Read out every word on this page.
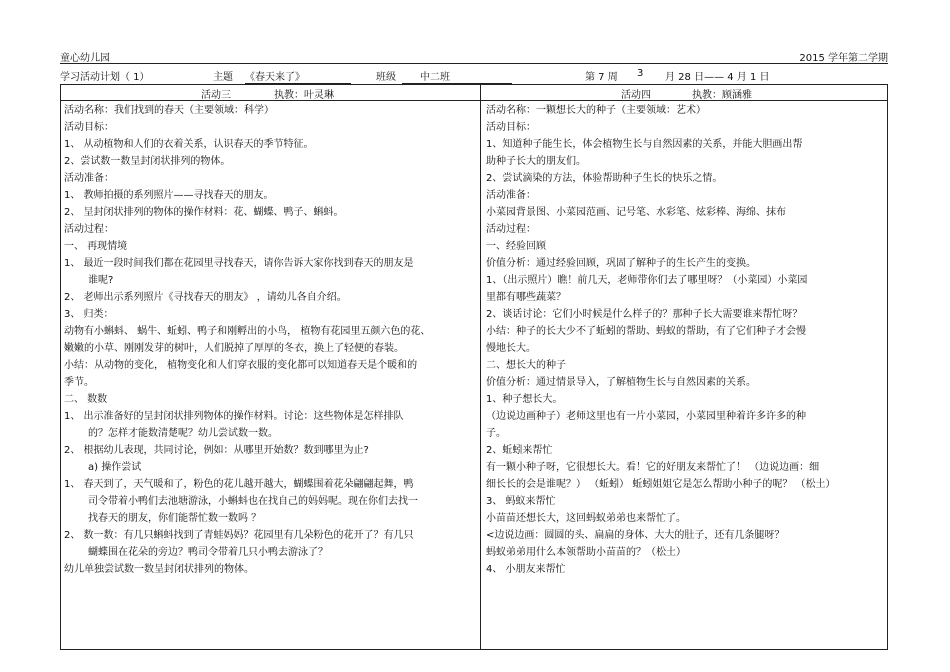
童心幼儿园	2015 学年第二学期
学习活动计划（ 1）	主题 《春天来了》	班级	中二班	第 7 周 3 月 28 日—— 4 月 1 日
活动三	执教：叶灵琳	活动四	执教：顾涵雅
活动名称：我们找到的春天（主要领域：科学）
活动目标：
1、 从动植物和人们的衣着关系，认识春天的季节特征。
2、尝试数一数呈封闭状排列的物体。
活动准备：
1、 教师拍摄的系列照片——寻找春天的朋友。
2、 呈封闭状排列的物体的操作材料：花、蝴蝶、鸭子、蝌蚪。
活动过程：
一、 再现情境
1、 最近一段时间我们都在花园里寻找春天，请你告诉大家你找到春天的朋友是
谁呢?
2、 老师出示系列照片《寻找春天的朋友》 ，请幼儿各自介绍。
3、 归类：
动物有小蝌蚪、 蜗牛、蚯蚓、鸭子和刚孵出的小鸟， 植物有花园里五颜六色的花、
嫩嫩的小草、刚刚发芽的树叶，人们脱掉了厚厚的冬衣，换上了轻便的春装。
小结：从动物的变化， 植物变化和人们穿衣服的变化都可以知道春天是个暖和的
季节。
二、 数数
1、 出示准备好的呈封闭状排列物体的操作材料。讨论：这些物体是怎样排队
的？怎样才能数清楚呢？幼儿尝试数一数。
2、 根据幼儿表现，共同讨论，例如：从哪里开始数？数到哪里为止?
a) 操作尝试
1、 春天到了，天气暖和了，粉色的花儿越开越大，蝴蝶围着花朵翩翩起舞，鸭
司令带着小鸭们去池塘游泳，小蝌蚪也在找自己的妈妈呢。现在你们去找一
找春天的朋友，你们能帮忙数一数吗 ？
2、 数一数：有几只蝌蚪找到了青蛙妈妈？花园里有几朵粉色的花开了？有几只
蝴蝶围在花朵的旁边？鸭司令带着几只小鸭去游泳了？
幼儿单独尝试数一数呈封闭状排列的物体。
活动名称：一颗想长大的种子（主要领域：艺术）
活动目标：
1、知道种子能生长，体会植物生长与自然因素的关系，并能大胆画出帮
助种子长大的朋友们。
2、尝试滴染的方法，体验帮助种子生长的快乐之情。
活动准备：
小菜园背景图、小菜园范画、记号笔、水彩笔、炫彩棒、海绵、抹布
活动过程：
一、经验回顾
价值分析：通过经验回顾，巩固了解种子的生长产生的变换。
1、（出示照片）瞧！前几天，老师带你们去了哪里呀？（小菜园）小菜园
里都有哪些蔬菜？
2、谈话讨论：它们小时候是什么样子的？那种子长大需要谁来帮忙呀？
小结：种子的长大少不了蚯蚓的帮助、蚂蚁的帮助，有了它们种子才会慢
慢地长大。
二、想长大的种子
价值分析：通过情景导入，了解植物生长与自然因素的关系。
1、种子想长大。
（边说边画种子）老师这里也有一片小菜园，小菜园里种着许多许多的种
子。
2、蚯蚓来帮忙
有一颗小种子呀，它很想长大。看！它的好朋友来帮忙了！ （边说边画：细
细长长的会是谁呢？） （蚯蚓） 蚯蚓姐姐它是怎么帮助小种子的呢？ （松土）
3、 蚂蚁来帮忙
小苗苗还想长大，这回蚂蚁弟弟也来帮忙了。
<边说边画：圆圆的头、扁扁的身体、大大的肚子，还有几条腿呀？
蚂蚁弟弟用什么本领帮助小苗苗的？（松土）
4、 小朋友来帮忙
